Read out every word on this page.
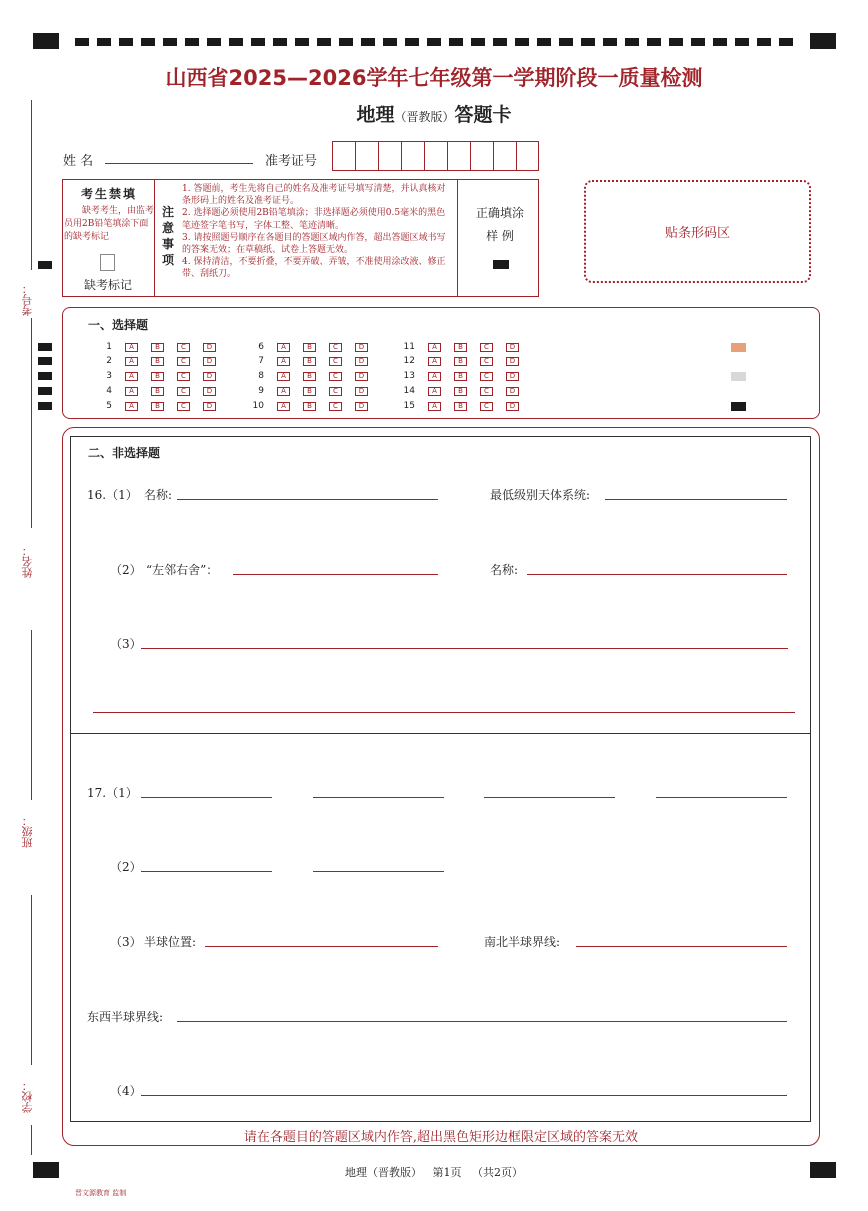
山西省2025—2026学年七年级第一学期阶段一质量检测
地理（晋教版）答题卡
考号：
姓名：
班级：
学校：
姓 名	准考证号
考生禁填
缺考考生，由监考员用2B铅笔填涂下面的缺考标记
缺考标记
注
意
事
项
1. 答题前，考生先将自己的姓名及准考证号填写清楚，并认真核对条形码上的姓名及准考证号。
2. 选择题必须使用2B铅笔填涂；非选择题必须使用0.5毫米的黑色笔迹签字笔书写，字体工整、笔迹清晰。
3. 请按照题号顺序在各题目的答题区域内作答，超出答题区域书写的答案无效；在草稿纸、试卷上答题无效。
4. 保持清洁，不要折叠，不要弄破、弄皱，不准使用涂改液、修正带、刮纸刀。
正确填涂
样 例	贴条形码区
一、选择题
1	A	B	C	D
2	A	B	C	D
3	A	B	C	D
4	A	B	C	D
5	A	B	C	D
6	A	B	C	D
7	A	B	C	D
8	A	B	C	D
9	A	B	C	D
10	A	B	C	D
11	A	B	C	D
12	A	B	C	D
13	A	B	C	D
14	A	B	C	D
15	A	B	C	D
二、非选择题
16.（1） 名称:	最低级别天体系统:
（2） “左邻右舍”：	名称:
（3）
17.（1）
（2）
（3） 半球位置:	南北半球界线:
东西半球界线:
（4）
请在各题目的答题区域内作答,超出黑色矩形边框限定区域的答案无效
地理（晋教版） 第1页 （共2页）
晋文源教育 监制
